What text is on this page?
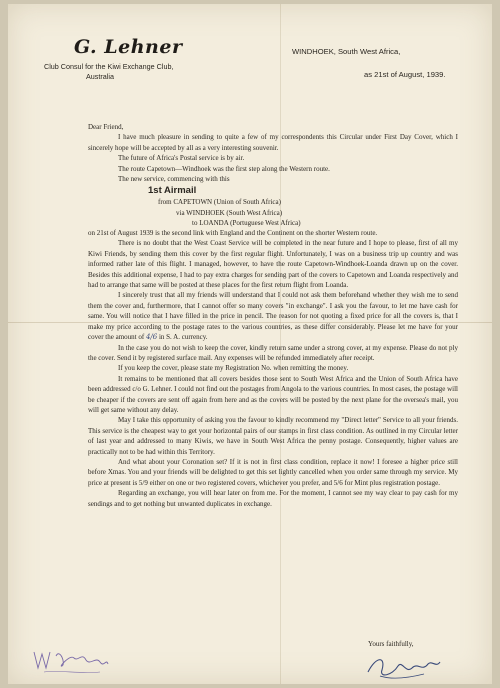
G. Lehner
Club Consul for the Kiwi Exchange Club,
Australia
WINDHOEK, South West Africa,
as 21st of August, 1939.

Dear Friend,

I have much pleasure in sending to quite a few of my correspondents this Circular under First Day Cover, which I sincerely hope will be accepted by all as a very interesting souvenir.

The future of Africa's Postal service is by air.

The route Capetown—Windhoek was the first step along the Western route.

The new service, commencing with this

1st Airmail

from CAPETOWN (Union of South Africa)

via WINDHOEK (South West Africa)

to LOANDA (Portuguese West Africa)

on 21st of August 1939 is the second link with England and the Continent on the shorter Western route.

There is no doubt that the West Coast Service will be completed in the near future and I hope to please, first of all my Kiwi Friends, by sending them this cover by the first regular flight. Unfortunately, I was on a business trip up country and was informed rather late of this flight. I managed, however, to have the route Capetown-Windhoek-Loanda drawn up on the cover. Besides this additional expense, I had to pay extra charges for sending part of the covers to Capetown and Loanda respectively and had to arrange that same will be posted at these places for the first return flight from Loanda.

I sincerely trust that all my friends will understand that I could not ask them beforehand whether they wish me to send them the cover and, furthermore, that I cannot offer so many covers "in exchange". I ask you the favour, to let me have cash for same. You will notice that I have filled in the price in pencil. The reason for not quoting a fixed price for all the covers is, that I make my price according to the postage rates to the various countries, as these differ considerably. Please let me have for your cover the amount of 4/6 in S. A. currency.

In the case you do not wish to keep the cover, kindly return same under a strong cover, at my expense. Please do not ply the cover. Send it by registered surface mail. Any expenses will be refunded immediately after receipt.

If you keep the cover, please state my Registration No. when remitting the money.

It remains to be mentioned that all covers besides those sent to South West Africa and the Union of South Africa have been addressed c/o G. Lehner. I could not find out the postages from Angola to the various countries. In most cases, the postage will be cheaper if the covers are sent off again from here and as the covers will be posted by the next plane for the oversea's mail, you will get same without any delay.

May I take this opportunity of asking you the favour to kindly recommend my "Direct letter" Service to all your friends. This service is the cheapest way to get your horizontal pairs of our stamps in first class condition. As outlined in my Circular letter of last year and addressed to many Kiwis, we have in South West Africa the penny postage. Consequently, higher values are practically not to be had within this Territory.

And what about your Coronation set? If it is not in first class condition, replace it now! I foresee a higher price still before Xmas. You and your friends will be delighted to get this set lightly cancelled when you order same through my service. My price at present is 5/9 either on one or two registered covers, whichever you prefer, and 5/6 for Mint plus registration postage.

Regarding an exchange, you will hear later on from me. For the moment, I cannot see my way clear to pay cash for my sendings and to get nothing but unwanted duplicates in exchange.

Yours faithfully,
